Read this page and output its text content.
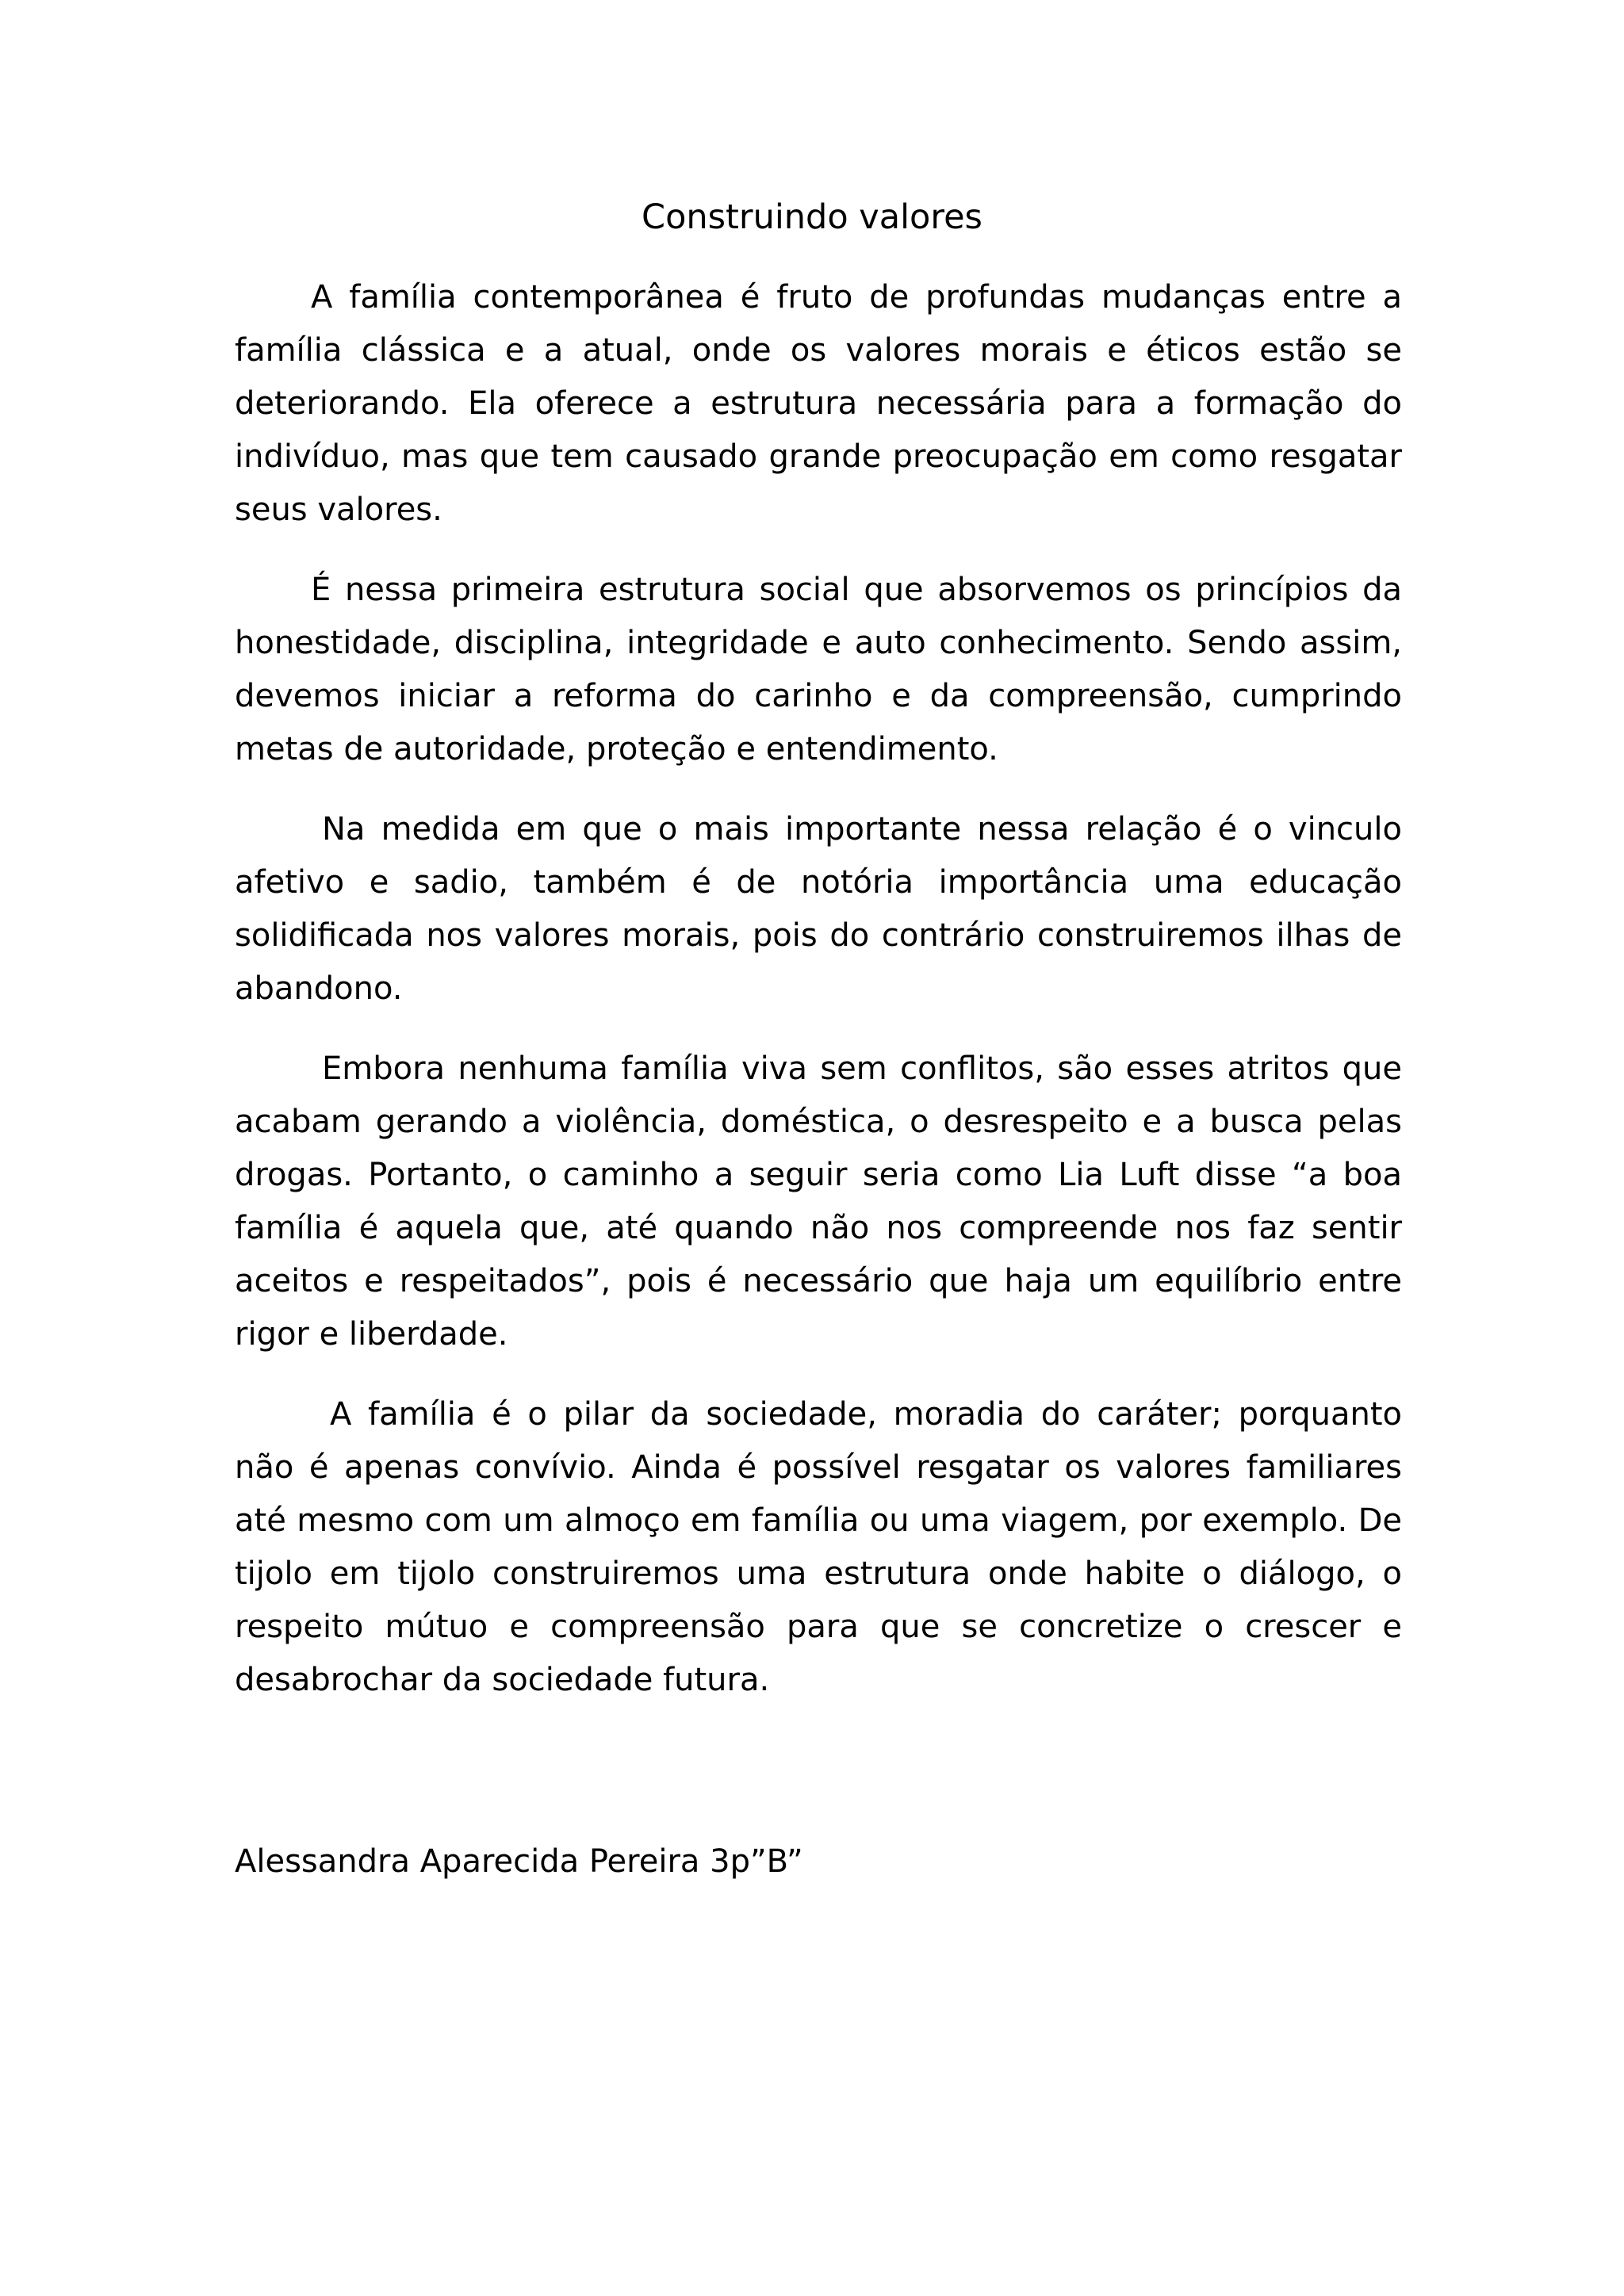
Construindo valores

A família contemporânea é fruto de profundas mudanças entre a família clássica e a atual, onde os valores morais e éticos estão se deteriorando. Ela oferece a estrutura necessária para a formação do indivíduo, mas que tem causado grande preocupação em como resgatar seus valores.

É nessa primeira estrutura social que absorvemos os princípios da honestidade, disciplina, integridade e auto conhecimento. Sendo assim, devemos iniciar a reforma do carinho e da compreensão, cumprindo metas de autoridade, proteção e entendimento.

Na medida em que o mais importante nessa relação é o vinculo afetivo e sadio, também é de notória importância uma educação solidificada nos valores morais, pois do contrário construiremos ilhas de abandono.

Embora nenhuma família viva sem conflitos, são esses atritos que acabam gerando a violência, doméstica, o desrespeito e a busca pelas drogas. Portanto, o caminho a seguir seria como Lia Luft disse “a boa família é aquela que, até quando não nos compreende nos faz sentir aceitos e respeitados”, pois é necessário que haja um equilíbrio entre rigor e liberdade.

A família é o pilar da sociedade, moradia do caráter; porquanto não é apenas convívio. Ainda é possível resgatar os valores familiares até mesmo com um almoço em família ou uma viagem, por exemplo. De tijolo em tijolo construiremos uma estrutura onde habite o diálogo, o respeito mútuo e compreensão para que se concretize o crescer e desabrochar da sociedade futura.

Alessandra Aparecida Pereira 3p”B”
